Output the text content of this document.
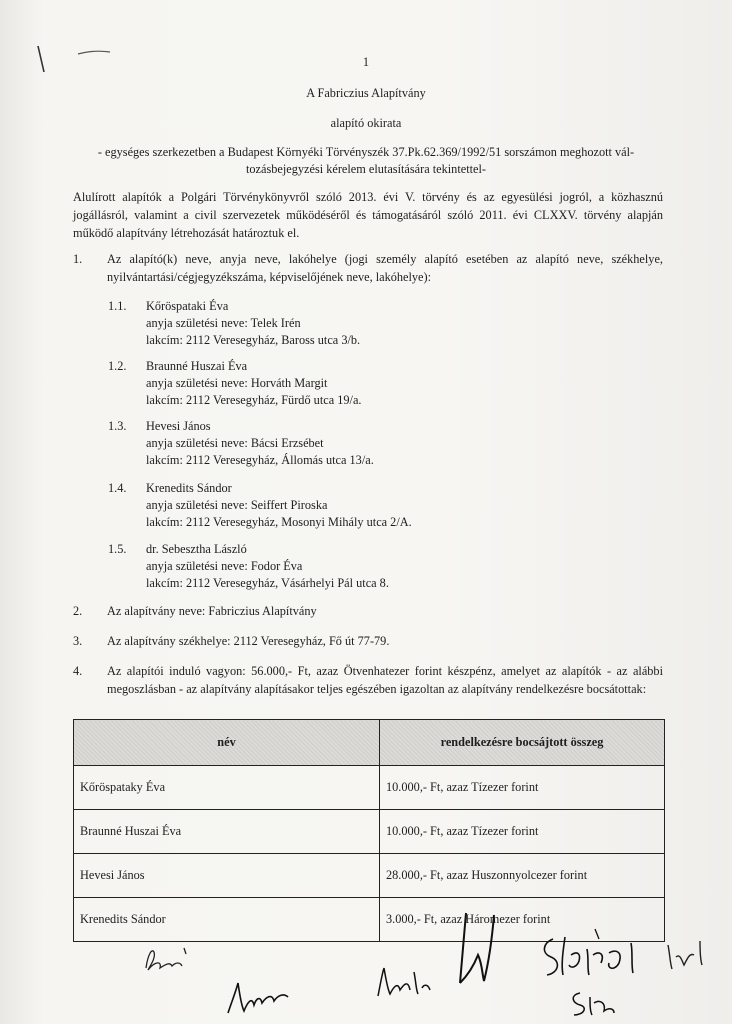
1
A Fabriczius Alapítvány
alapító okirata
- egységes szerkezetben a Budapest Környéki Törvényszék 37.Pk.62.369/1992/51 sorszámon meghozott vál-
tozásbejegyzési kérelem elutasítására tekintettel-
Alulírott alapítók a Polgári Törvénykönyvről szóló 2013. évi V. törvény és az egyesülési jogról, a közhasznú jogállásról, valamint a civil szervezetek működéséről és támogatásáról szóló 2011. évi CLXXV. törvény alapján működő alapítvány létrehozását határoztuk el.
1. Az alapító(k) neve, anyja neve, lakóhelye (jogi személy alapító esetében az alapító neve, székhelye, nyilvántartási/cégjegyzékszáma, képviselőjének neve, lakóhelye):
1.1. Kőröspataki Éva
anyja születési neve: Telek Irén
lakcím: 2112 Veresegyház, Baross utca 3/b.
1.2. Braunné Huszai Éva
anyja születési neve: Horváth Margit
lakcím: 2112 Veresegyház, Fürdő utca 19/a.
1.3. Hevesi János
anyja születési neve: Bácsi Erzsébet
lakcím: 2112 Veresegyház, Állomás utca 13/a.
1.4. Krenedits Sándor
anyja születési neve: Seiffert Piroska
lakcím: 2112 Veresegyház, Mosonyi Mihály utca 2/A.
1.5. dr. Sebesztha László
anyja születési neve: Fodor Éva
lakcím: 2112 Veresegyház, Vásárhelyi Pál utca 8.
2. Az alapítvány neve: Fabriczius Alapítvány
3. Az alapítvány székhelye: 2112 Veresegyház, Fő út 77-79.
4. Az alapítói induló vagyon: 56.000,- Ft, azaz Ötvenhatezer forint készpénz, amelyet az alapítók - az alábbi megoszlásban - az alapítvány alapításakor teljes egészében igazoltan az alapítvány rendelkezésre bocsátottak:
név	rendelkezésre bocsájtott összeg
Kőröspataky Éva	10.000,- Ft, azaz Tízezer forint
Braunné Huszai Éva	10.000,- Ft, azaz Tízezer forint
Hevesi János	28.000,- Ft, azaz Huszonnyolcezer forint
Krenedits Sándor	3.000,- Ft, azaz Háromezer forint
